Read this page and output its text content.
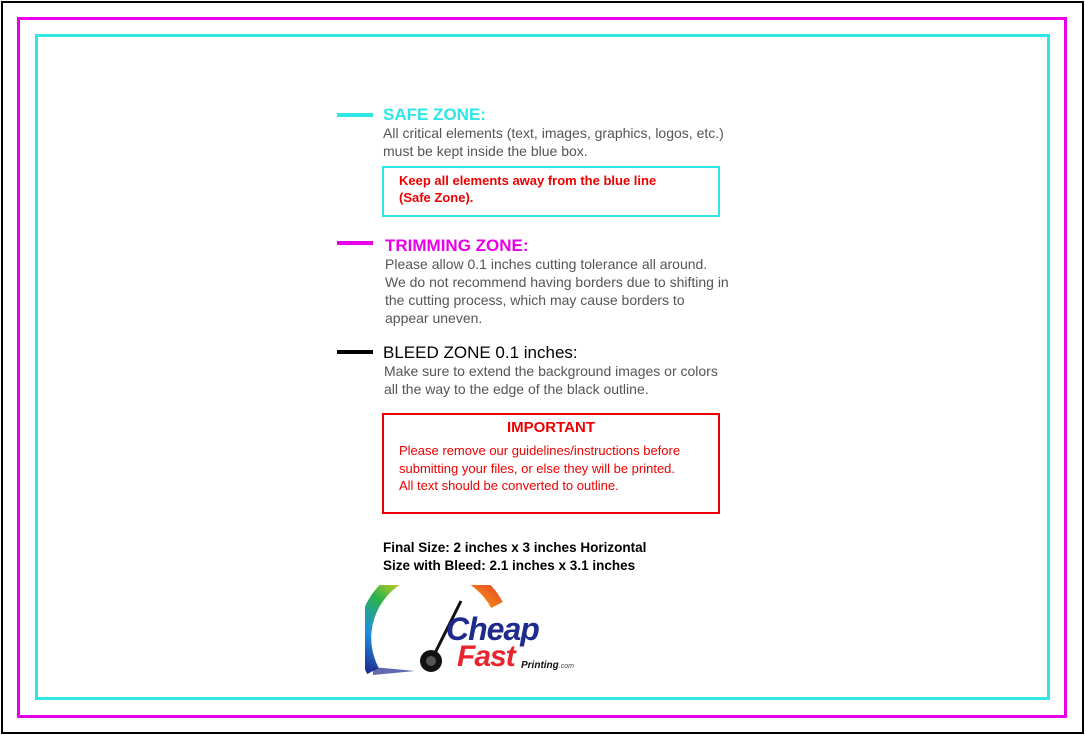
SAFE ZONE:
All critical elements (text, images, graphics, logos, etc.)
must be kept inside the blue box.
Keep all elements away from the blue line
(Safe Zone).
TRIMMING ZONE:
Please allow 0.1 inches cutting tolerance all around.
We do not recommend having borders due to shifting in
the cutting process, which may cause borders to
appear uneven.
BLEED ZONE 0.1 inches:
Make sure to extend the background images or colors
all the way to the edge of the black outline.
IMPORTANT
Please remove our guidelines/instructions before
submitting your files, or else they will be printed.
All text should be converted to outline.
Final Size: 2 inches x 3 inches Horizontal
Size with Bleed: 2.1 inches x 3.1 inches
Cheap
Fast Printing.com
